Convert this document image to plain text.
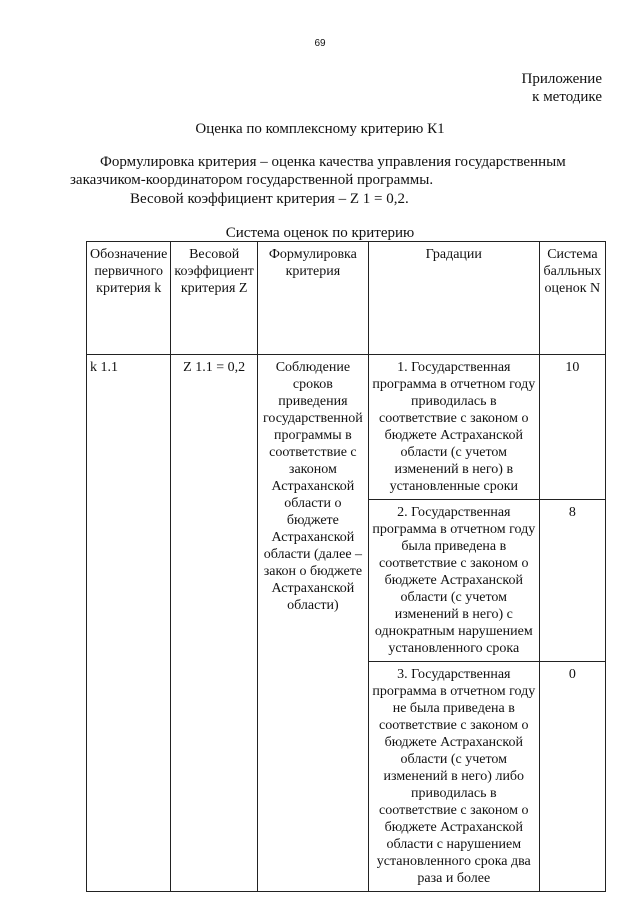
69
Приложение
к методике
Оценка по комплексному критерию К1
Формулировка критерия – оценка качества управления государственным
заказчиком-координатором государственной программы.
Весовой коэффициент критерия – Z 1 = 0,2.
Система оценок по критерию
Обозначение первичного критерия k	Весовой коэффициент критерия Z	Формулировка критерия	Градации	Система балльных оценок N
k 1.1	Z 1.1 = 0,2	Соблюдение сроков приведения государственной программы в соответствие с законом Астраханской области о бюджете Астраханской области (далее – закон о бюджете Астраханской области)	1. Государственная программа в отчетном году приводилась в соответствие с законом о бюджете Астраханской области (с учетом изменений в него) в установленные сроки	10
			2. Государственная программа в отчетном году была приведена в соответствие с законом о бюджете Астраханской области (с учетом изменений в него) с однократным нарушением установленного срока	8
			3. Государственная программа в отчетном году не была приведена в соответствие с законом о бюджете Астраханской области (с учетом изменений в него) либо приводилась в соответствие с законом о бюджете Астраханской области с нарушением установленного срока два раза и более	0
